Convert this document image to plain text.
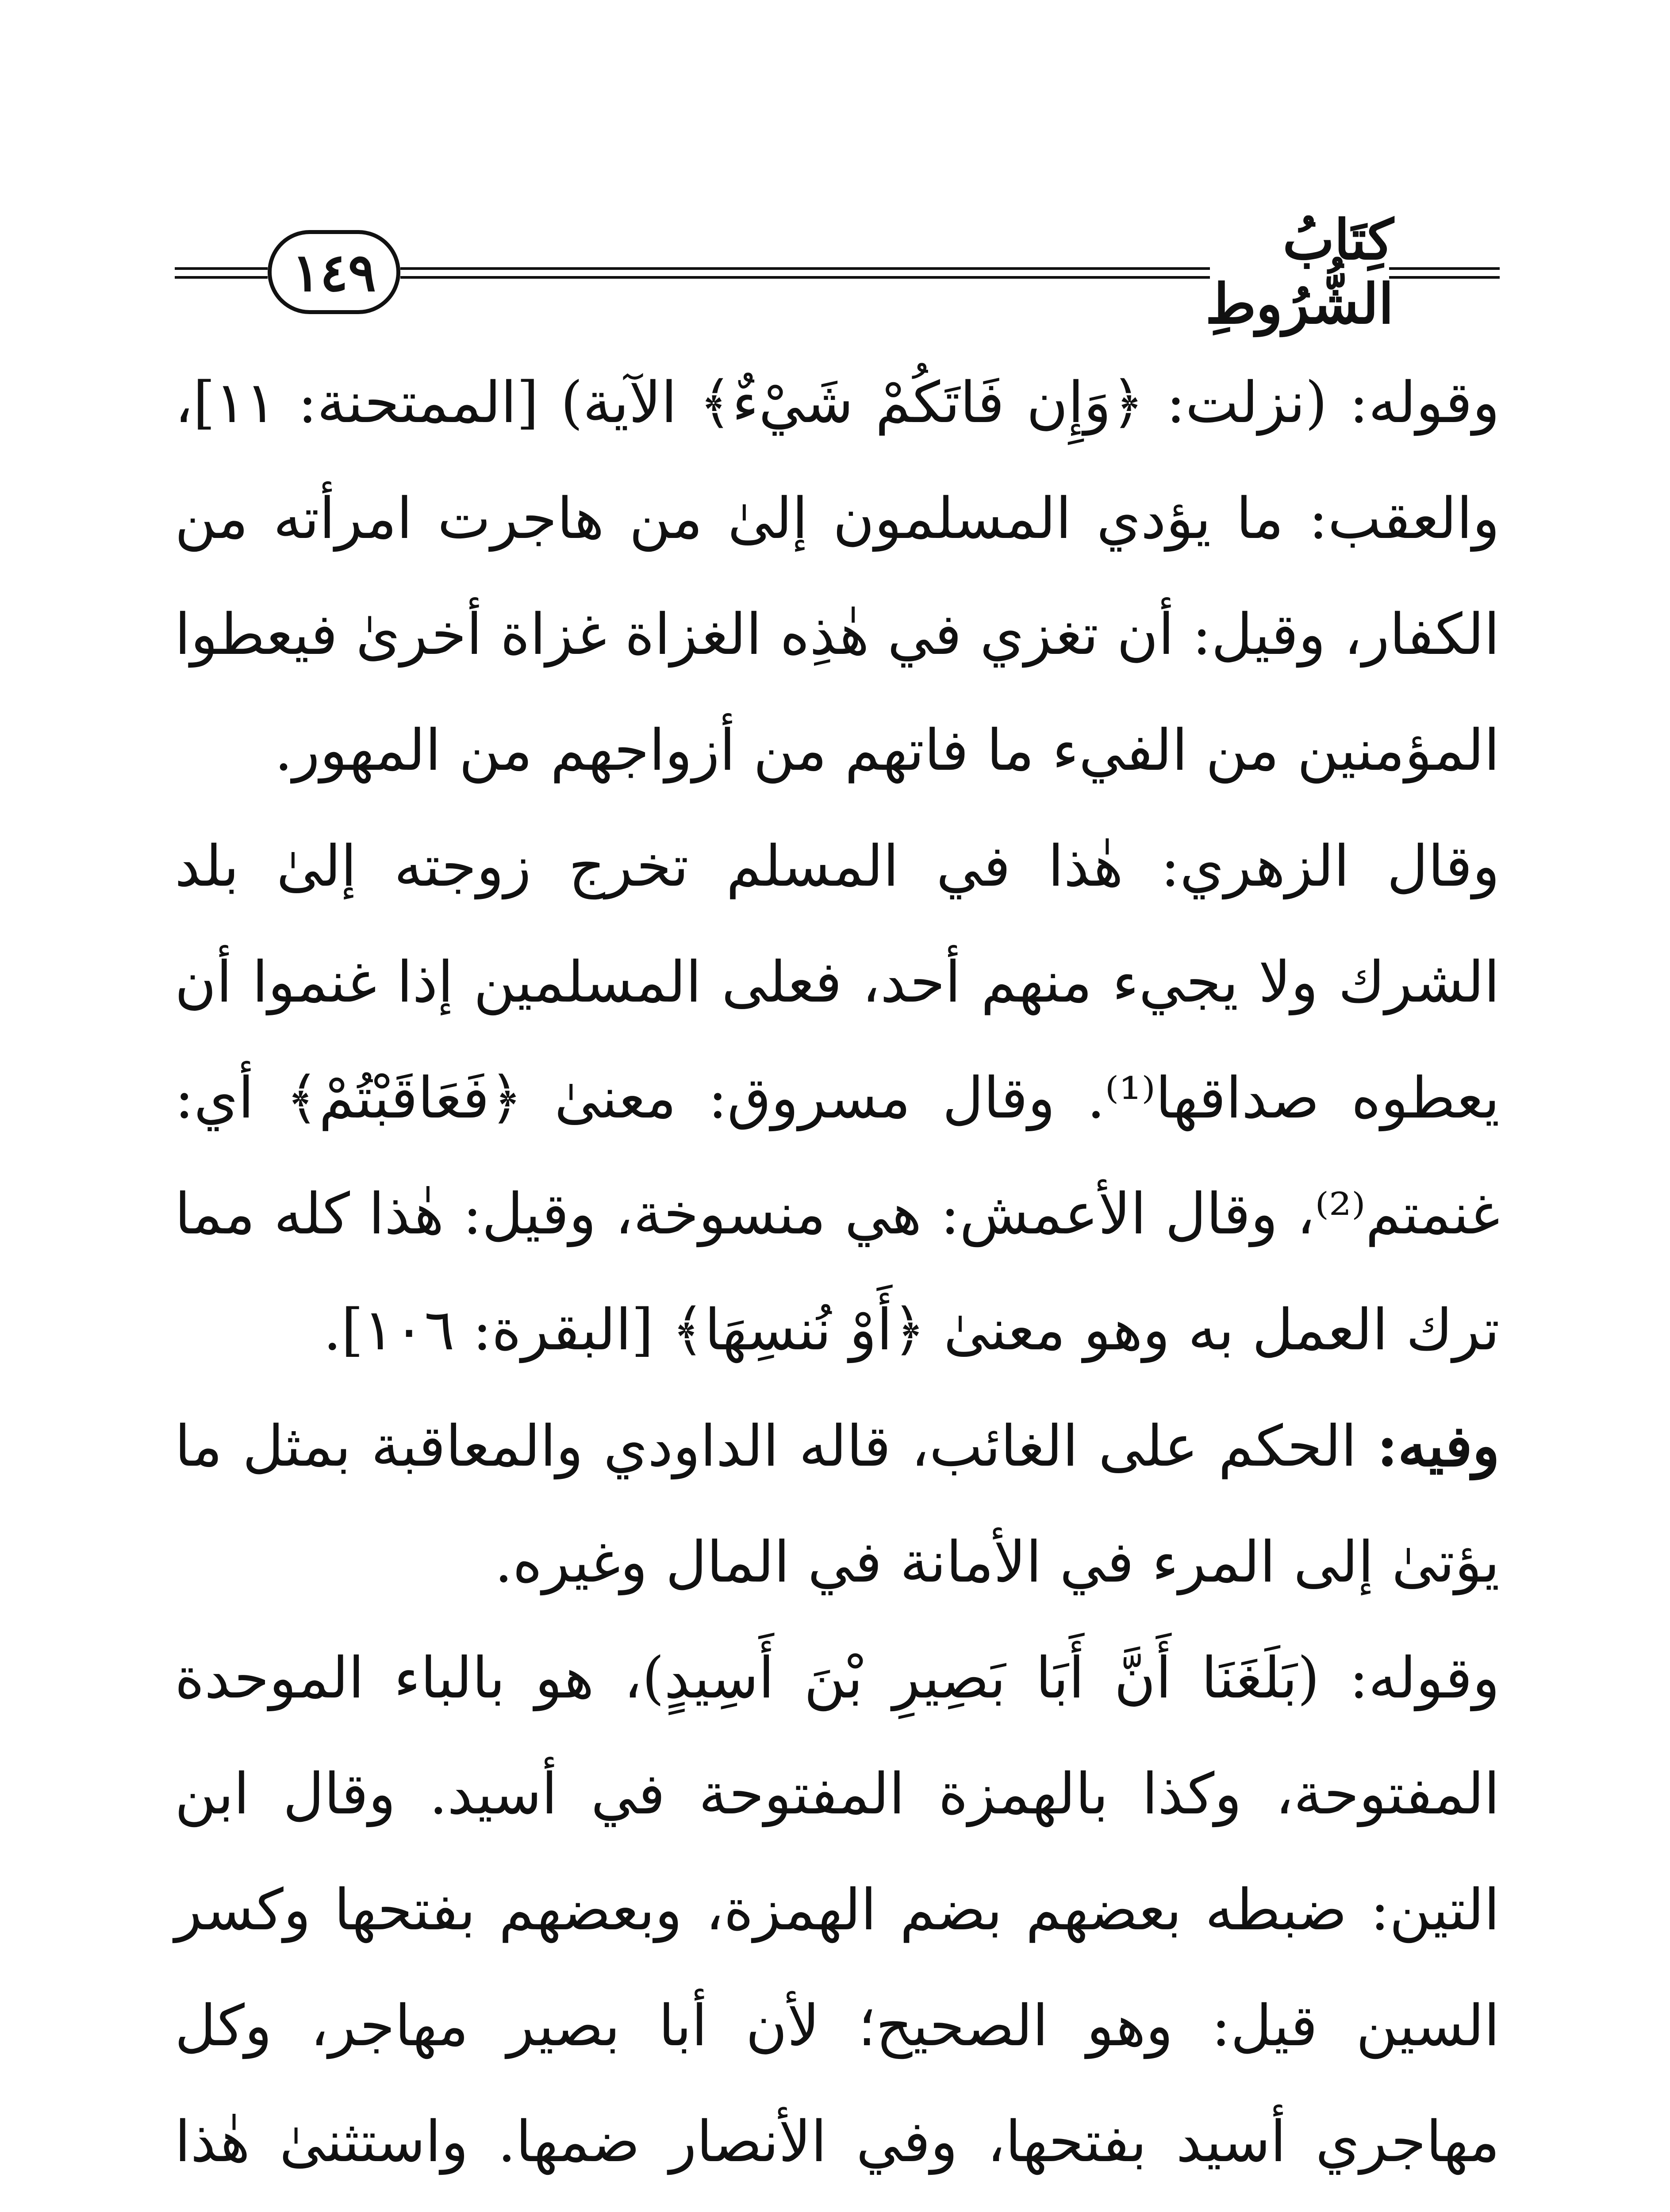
١٤٩	كِتَابُ الشُّرُوطِ

وقوله: (نزلت: ﴿وَإِن فَاتَكُمْ شَيْءٌ﴾ الآية) [الممتحنة: ١١]، والعقب: ما يؤدي المسلمون إلىٰ من هاجرت امرأته من الكفار، وقيل: أن تغزي في هٰذِه الغزاة غزاة أخرىٰ فيعطوا المؤمنين من الفيء ما فاتهم من أزواجهم من المهور.

وقال الزهري: هٰذا في المسلم تخرج زوجته إلىٰ بلد الشرك ولا يجيء منهم أحد، فعلى المسلمين إذا غنموا أن يعطوه صداقها⁽¹⁾. وقال مسروق: معنىٰ ﴿فَعَاقَبْتُمْ﴾ أي: غنمتم⁽²⁾، وقال الأعمش: هي منسوخة، وقيل: هٰذا كله مما ترك العمل به وهو معنىٰ ﴿أَوْ نُنسِهَا﴾ [البقرة: ١٠٦].

وفيه: الحكم على الغائب، قاله الداودي والمعاقبة بمثل ما يؤتىٰ إلى المرء في الأمانة في المال وغيره.

وقوله: (بَلَغَنَا أَنَّ أَبَا بَصِيرِ بْنَ أَسِيدٍ)، هو بالباء الموحدة المفتوحة، وكذا بالهمزة المفتوحة في أسيد. وقال ابن التين: ضبطه بعضهم بضم الهمزة، وبعضهم بفتحها وكسر السين قيل: وهو الصحيح؛ لأن أبا بصير مهاجر، وكل مهاجري أسيد بفتحها، وفي الأنصار ضمها. واستثنىٰ هٰذا
